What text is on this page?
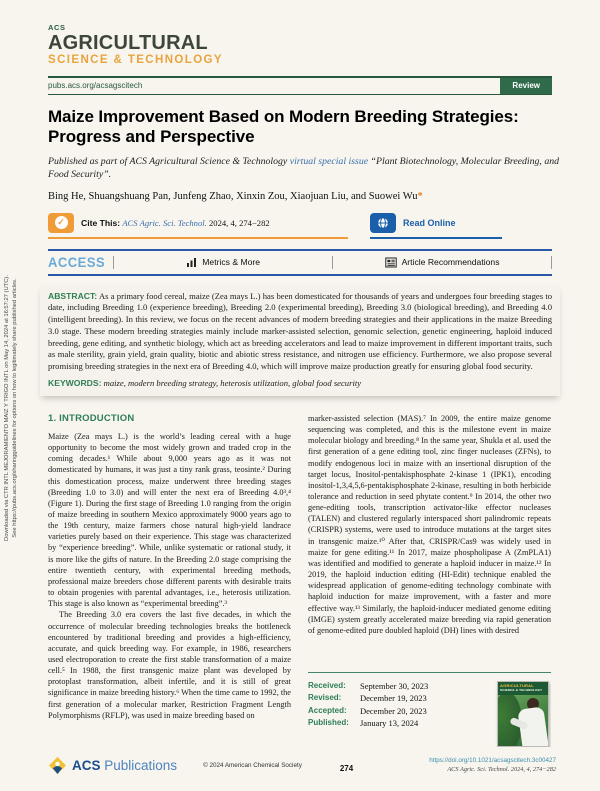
Downloaded via CTR INTL MEJORAMIENTO MAIZ Y TRIGO INTL on May 14, 2024 at 16:57:27 (UTC). See https://pubs.acs.org/sharingguidelines for options on how to legitimately share published articles.
ACS
AGRICULTURAL
SCIENCE & TECHNOLOGY
pubs.acs.org/acsagscitech	Review
Maize Improvement Based on Modern Breeding Strategies: Progress and Perspective

Published as part of ACS Agricultural Science & Technology virtual special issue “Plant Biotechnology, Molecular Breeding, and Food Security”.

Bing He, Shuangshuang Pan, Junfeng Zhao, Xinxin Zou, Xiaojuan Liu, and Suowei Wu*

✓	Cite This: ACS Agric. Sci. Technol. 2024, 4, 274−282	Read Online
ACCESS	Metrics & More	Article Recommendations

ABSTRACT: As a primary food cereal, maize (Zea mays L.) has been domesticated for thousands of years and undergoes four breeding stages to date, including Breeding 1.0 (experience breeding), Breeding 2.0 (experimental breeding), Breeding 3.0 (biological breeding), and Breeding 4.0 (intelligent breeding). In this review, we focus on the recent advances of modern breeding strategies and their applications in the maize Breeding 3.0 stage. These modern breeding strategies mainly include marker-assisted selection, genomic selection, genetic engineering, haploid induced breeding, gene editing, and synthetic biology, which act as breeding accelerators and lead to maize improvement in different important traits, such as male sterility, grain yield, grain quality, biotic and abiotic stress resistance, and nitrogen use efficiency. Furthermore, we also propose several promising breeding strategies in the next era of Breeding 4.0, which will improve maize production greatly for ensuring global food security.

KEYWORDS: maize, modern breeding strategy, heterosis utilization, global food security

1. INTRODUCTION

Maize (Zea mays L.) is the world’s leading cereal with a huge opportunity to become the most widely grown and traded crop in the coming decades.¹ While about 9,000 years ago as it was not domesticated by humans, it was just a tiny rank grass, teosinte.² During this domestication process, maize underwent three breeding stages (Breeding 1.0 to 3.0) and will enter the next era of Breeding 4.0³,⁴ (Figure 1). During the first stage of Breeding 1.0 ranging from the origin of maize breeding in southern Mexico approximately 9000 years ago to the 19th century, maize farmers chose natural high-yield landrace varieties purely based on their experience. This stage was characterized by “experience breeding”. While, unlike systematic or rational study, it is more like the gifts of nature. In the Breeding 2.0 stage comprising the entire twentieth century, with experimental breeding methods, professional maize breeders chose different parents with desirable traits to obtain progenies with parental advantages, i.e., heterosis utilization. This stage is also known as “experimental breeding”.³

The Breeding 3.0 era covers the last five decades, in which the occurrence of molecular breeding technologies breaks the bottleneck encountered by traditional breeding and provides a high-efficiency, accurate, and quick breeding way. For example, in 1986, researchers used electroporation to create the first stable transformation of a maize cell.⁵ In 1988, the first transgenic maize plant was developed by protoplast transformation, albeit infertile, and it is still of great significance in maize breeding history.⁶ When the time came to 1992, the first generation of a molecular marker, Restriction Fragment Length Polymorphisms (RFLP), was used in maize breeding based on

marker-assisted selection (MAS).⁷ In 2009, the entire maize genome sequencing was completed, and this is the milestone event in maize molecular biology and breeding.⁸ In the same year, Shukla et al. used the first generation of a gene editing tool, zinc finger nucleases (ZFNs), to modify endogenous loci in maize with an insertional disruption of the target locus, Inositol-pentakisphosphate 2-kinase 1 (IPK1), encoding inositol-1,3,4,5,6-pentakisphosphate 2-kinase, resulting in both herbicide tolerance and reduction in seed phytate content.⁹ In 2014, the other two gene-editing tools, transcription activator-like effector nucleases (TALEN) and clustered regularly interspaced short palindromic repeats (CRISPR) systems, were used to introduce mutations at the target sites in transgenic maize.¹⁰ After that, CRISPR/Cas9 was widely used in maize for gene editing.¹¹ In 2017, maize phospholipase A (ZmPLA1) was identified and modified to generate a haploid inducer in maize.¹² In 2019, the haploid induction editing (HI-Edit) technique enabled the widespread application of genome-editing technology combinate with haploid induction for maize improvement, with a faster and more effective way.¹³ Similarly, the haploid-inducer mediated genome editing (IMGE) system greatly accelerated maize breeding via rapid generation of genome-edited pure doubled haploid (DH) lines with desired

Received:	September 30, 2023
Revised:	December 19, 2023
Accepted:	December 20, 2023
Published:	January 13, 2024
AGRICULTURAL
SCIENCE & TECHNOLOGY
ACS Publications	© 2024 American Chemical Society	274
https://doi.org/10.1021/acsagscitech.3c00427
ACS Agric. Sci. Technol. 2024, 4, 274−282
